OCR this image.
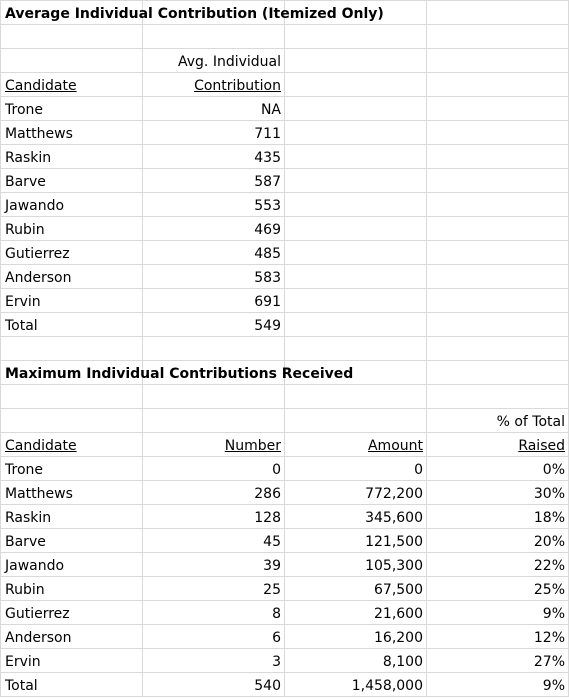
Average Individual Contribution (Itemized Only)
Avg. Individual
Candidate	Contribution
Trone	NA
Matthews	711
Raskin	435
Barve	587
Jawando	553
Rubin	469
Gutierrez	485
Anderson	583
Ervin	691
Total	549
Maximum Individual Contributions Received
% of Total
Candidate	Number	Amount	Raised
Trone	0	0	0%
Matthews	286	772,200	30%
Raskin	128	345,600	18%
Barve	45	121,500	20%
Jawando	39	105,300	22%
Rubin	25	67,500	25%
Gutierrez	8	21,600	9%
Anderson	6	16,200	12%
Ervin	3	8,100	27%
Total	540	1,458,000	9%
